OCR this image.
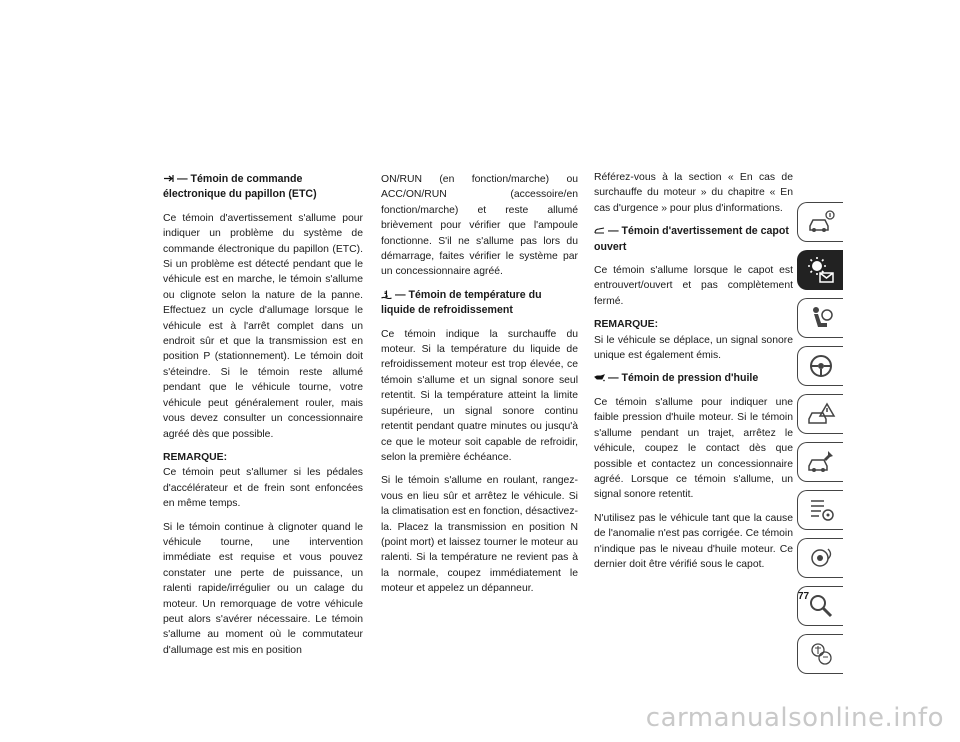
— Témoin de commande électronique du papillon (ETC)

Ce témoin d'avertissement s'allume pour indiquer un problème du système de commande électronique du papillon (ETC). Si un problème est détecté pendant que le véhicule est en marche, le témoin s'allume ou clignote selon la nature de la panne. Effectuez un cycle d'allumage lorsque le véhicule est à l'arrêt complet dans un endroit sûr et que la transmission est en position P (stationnement). Le témoin doit s'éteindre. Si le témoin reste allumé pendant que le véhicule tourne, votre véhicule peut généralement rouler, mais vous devez consulter un concessionnaire agréé dès que possible.

REMARQUE:
Ce témoin peut s'allumer si les pédales d'accélérateur et de frein sont enfoncées en même temps.

Si le témoin continue à clignoter quand le véhicule tourne, une intervention immédiate est requise et vous pouvez constater une perte de puissance, un ralenti rapide/irrégulier ou un calage du moteur. Un remorquage de votre véhicule peut alors s'avérer nécessaire. Le témoin s'allume au moment où le commutateur d'allumage est mis en position

ON/RUN (en fonction/marche) ou ACC/ON/RUN (accessoire/en fonction/marche) et reste allumé brièvement pour vérifier que l'ampoule fonctionne. S'il ne s'allume pas lors du démarrage, faites vérifier le système par un concessionnaire agréé.

— Témoin de température du liquide de refroidissement

Ce témoin indique la surchauffe du moteur. Si la température du liquide de refroidissement moteur est trop élevée, ce témoin s'allume et un signal sonore seul retentit. Si la température atteint la limite supérieure, un signal sonore continu retentit pendant quatre minutes ou jusqu'à ce que le moteur soit capable de refroidir, selon la première échéance.

Si le témoin s'allume en roulant, rangez-vous en lieu sûr et arrêtez le véhicule. Si la climatisation est en fonction, désactivez-la. Placez la transmission en position N (point mort) et laissez tourner le moteur au ralenti. Si la température ne revient pas à la normale, coupez immédiatement le moteur et appelez un dépanneur.

Référez-vous à la section « En cas de surchauffe du moteur » du chapitre « En cas d'urgence » pour plus d'informations.

— Témoin d'avertissement de capot ouvert

Ce témoin s'allume lorsque le capot est entrouvert/ouvert et pas complètement fermé.

REMARQUE:
Si le véhicule se déplace, un signal sonore unique est également émis.

— Témoin de pression d'huile

Ce témoin s'allume pour indiquer une faible pression d'huile moteur. Si le témoin s'allume pendant un trajet, arrêtez le véhicule, coupez le contact dès que possible et contactez un concessionnaire agréé. Lorsque ce témoin s'allume, un signal sonore retentit.

N'utilisez pas le véhicule tant que la cause de l'anomalie n'est pas corrigée. Ce témoin n'indique pas le niveau d'huile moteur. Ce dernier doit être vérifié sous le capot.

77
carmanualsonline.info
